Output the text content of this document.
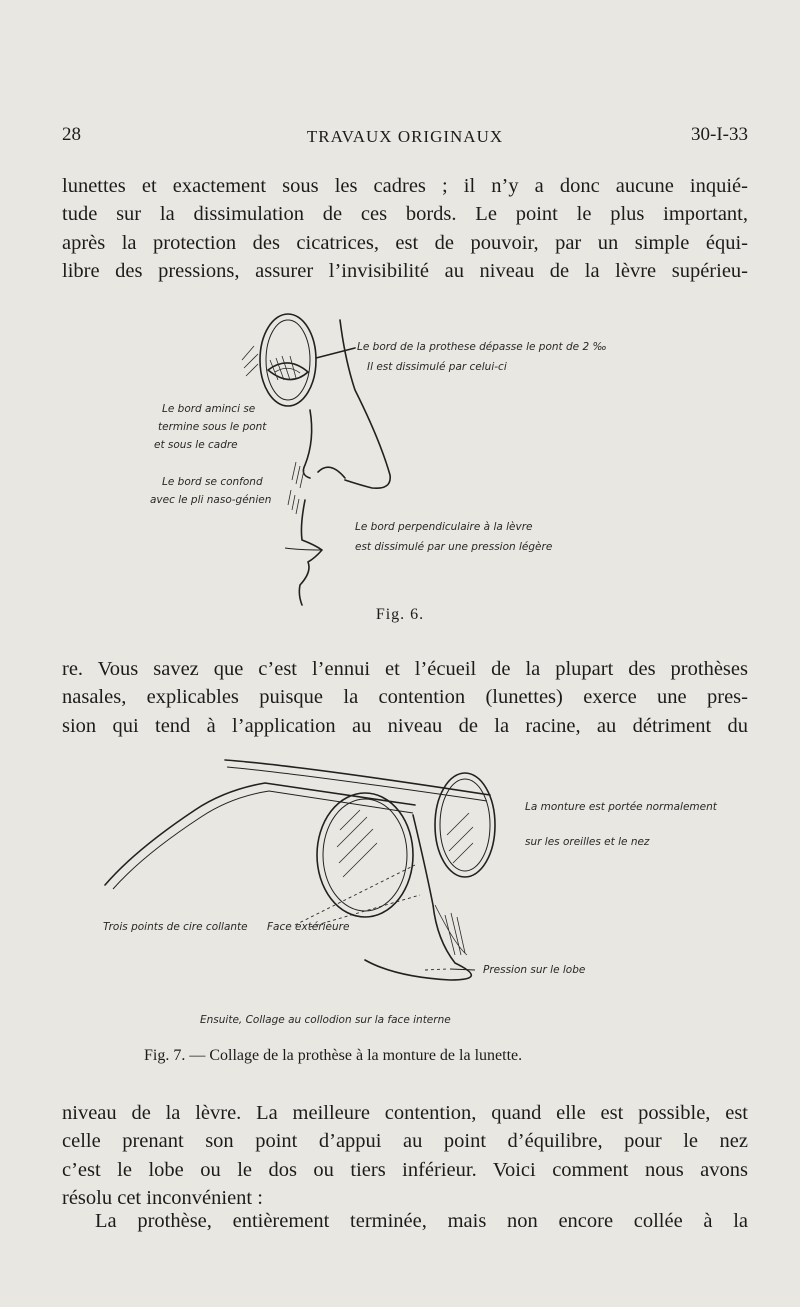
28	TRAVAUX ORIGINAUX	30-I-33
lunettes et exactement sous les cadres ; il n’y a donc aucune inquié-
tude sur la dissimulation de ces bords. Le point le plus important,
après la protection des cicatrices, est de pouvoir, par un simple équi-
libre des pressions, assurer l’invisibilité au niveau de la lèvre supérieu-
Le bord de la prothese dépasse le pont de 2 ‰
Il est dissimulé par celui-ci
Le bord aminci se
termine sous le pont
et sous le cadre
Le bord se confond
avec le pli naso-génien
Le bord perpendiculaire à la lèvre
est dissimulé par une pression légère
Fig. 6.
re. Vous savez que c’est l’ennui et l’écueil de la plupart des prothèses
nasales, explicables puisque la contention (lunettes) exerce une pres-
sion qui tend à l’application au niveau de la racine, au détriment du
La monture est portée normalement
sur les oreilles et le nez
Trois points de cire collante Face extérieure
Pression sur le lobe
Ensuite, Collage au collodion sur la face interne
Fig. 7. — Collage de la prothèse à la monture de la lunette.
niveau de la lèvre. La meilleure contention, quand elle est possible, est
celle prenant son point d’appui au point d’équilibre, pour le nez
c’est le lobe ou le dos ou tiers inférieur. Voici comment nous avons
résolu cet inconvénient :
La prothèse, entièrement terminée, mais non encore collée à la
